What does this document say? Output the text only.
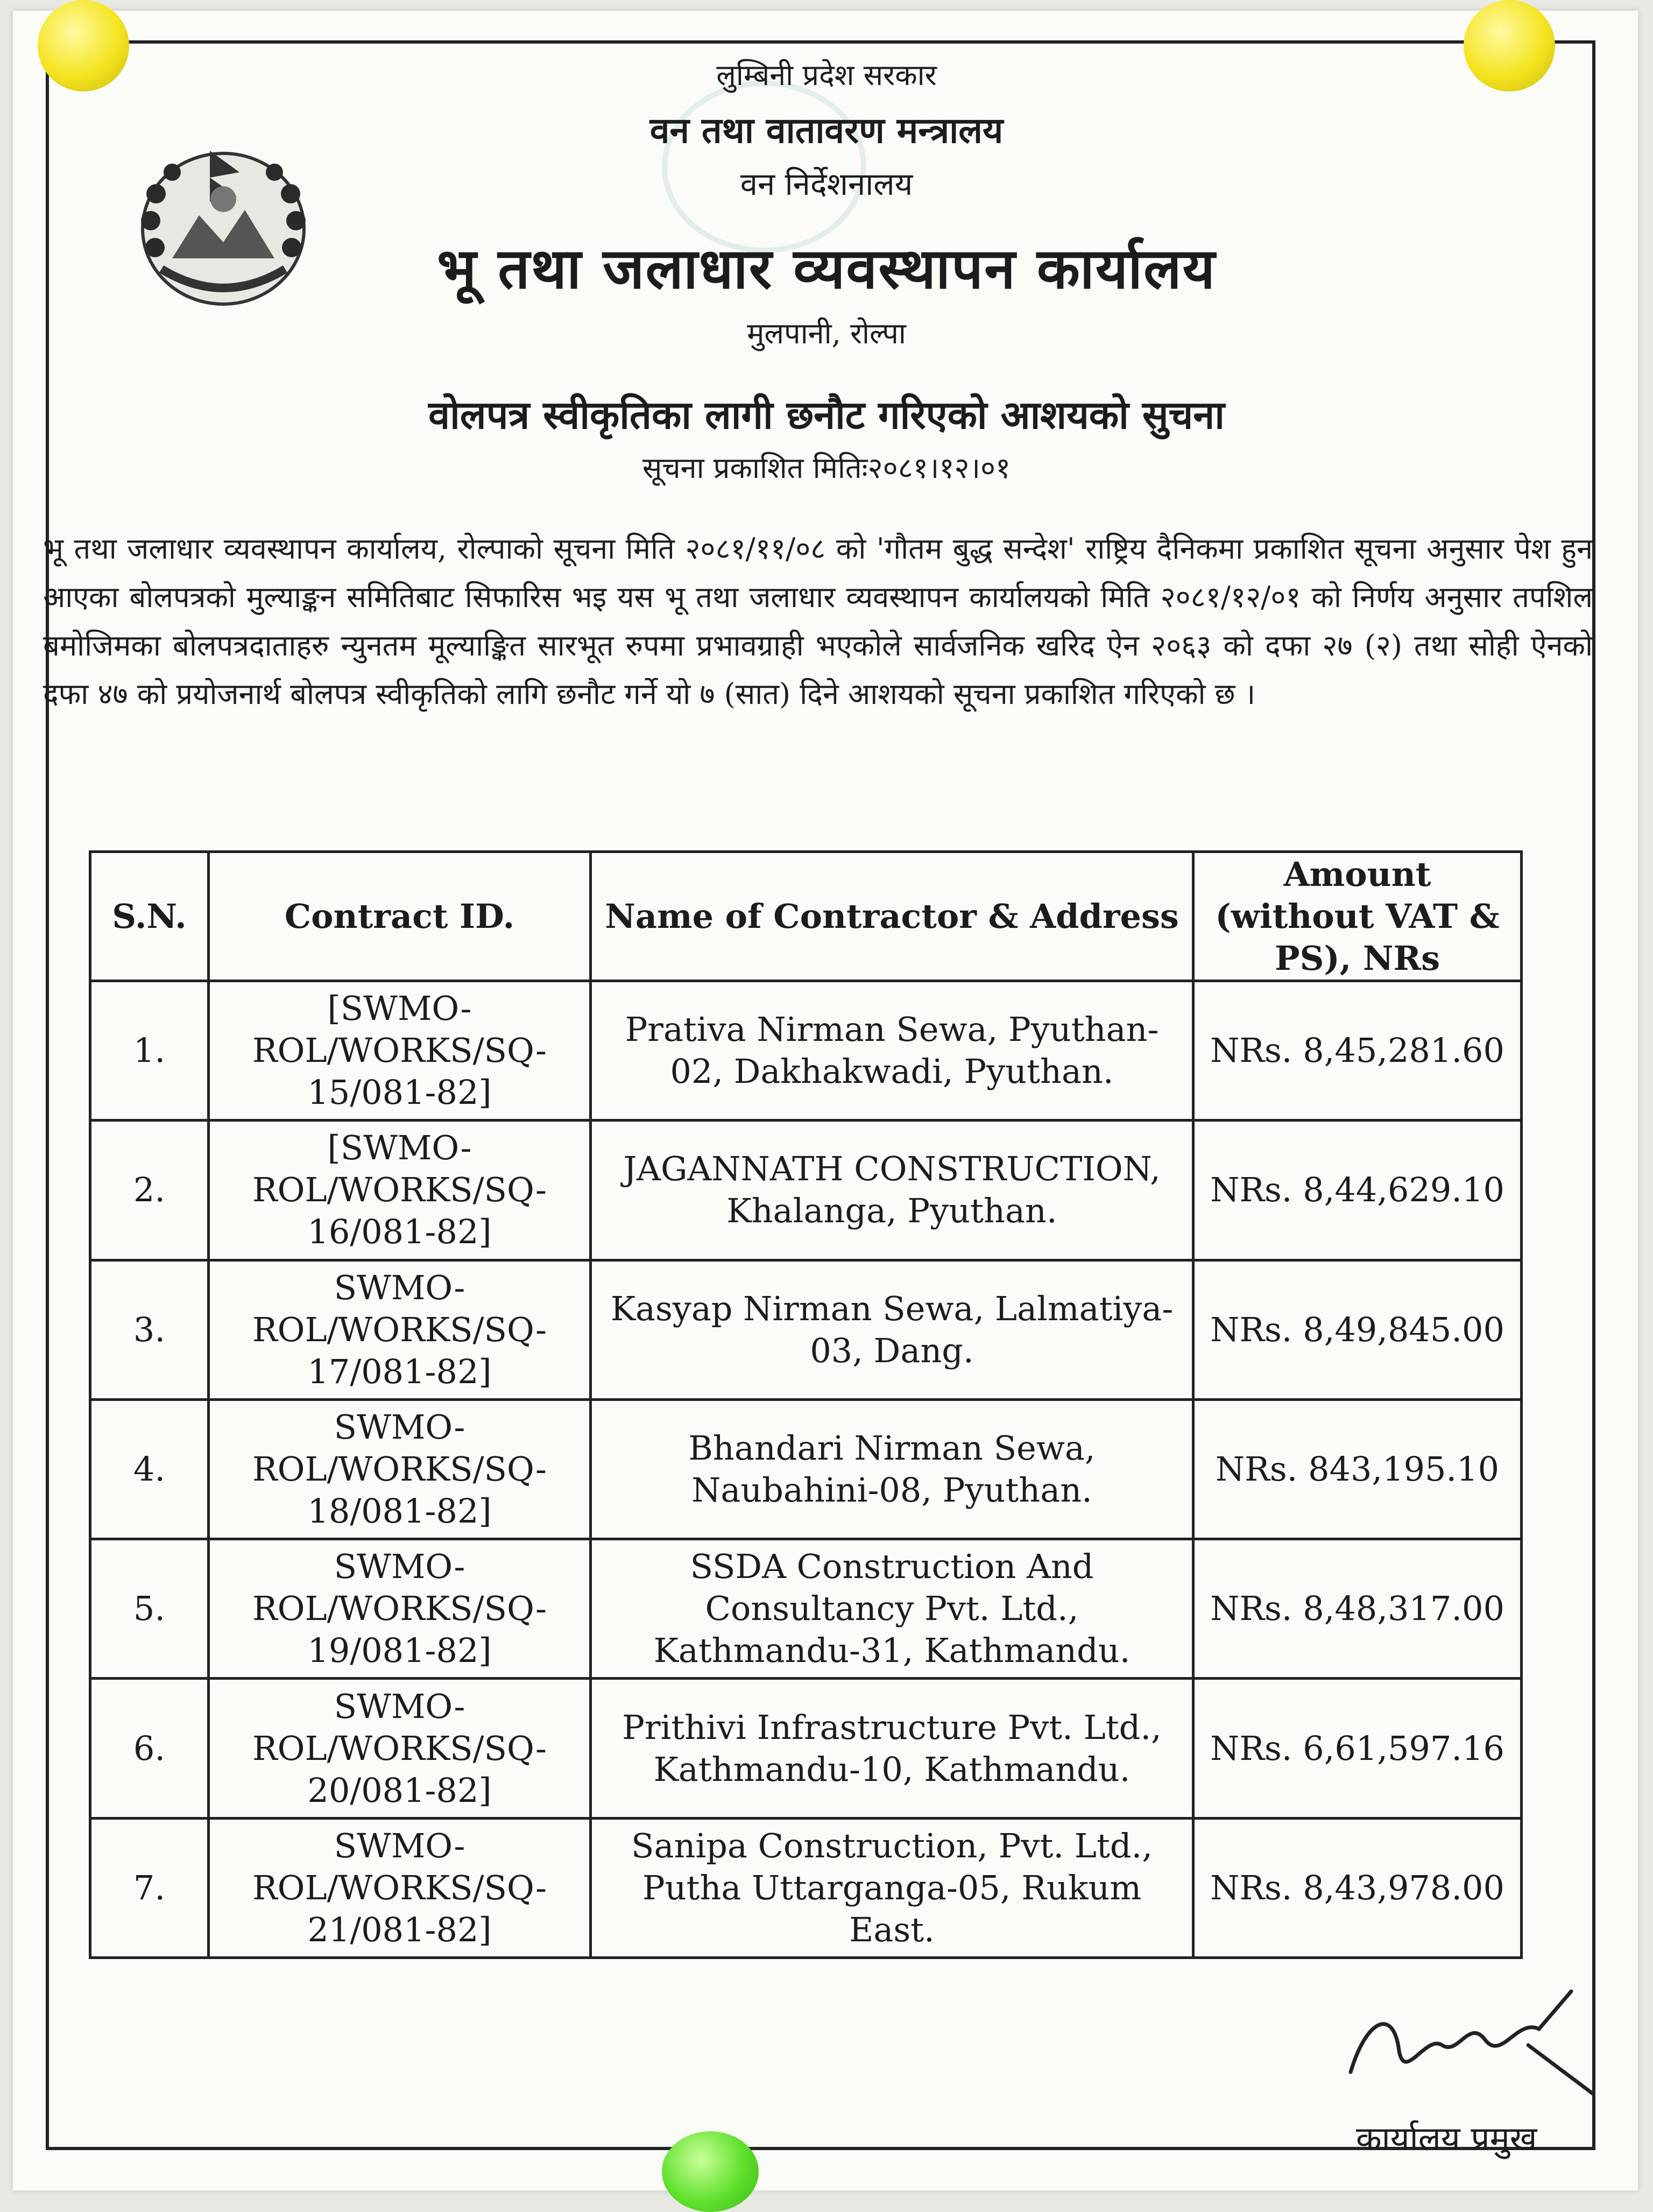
लुम्बिनी प्रदेश सरकार
वन तथा वातावरण मन्त्रालय
वन निर्देशनालय
भू तथा जलाधार व्यवस्थापन कार्यालय
मुलपानी, रोल्पा
वोलपत्र स्वीकृतिका लागी छनौट गरिएको आशयको सुचना
सूचना प्रकाशित मितिः२०८१।१२।०१
भू तथा जलाधार व्यवस्थापन कार्यालय, रोल्पाको सूचना मिति २०८१/११/०८ को 'गौतम बुद्ध सन्देश' राष्ट्रिय दैनिकमा प्रकाशित सूचना अनुसार पेश हुन आएका बोलपत्रको मुल्याङ्कन समितिबाट सिफारिस भइ यस भू तथा जलाधार व्यवस्थापन कार्यालयको मिति २०८१/१२/०१ को निर्णय अनुसार तपशिल बमोजिमका बोलपत्रदाताहरु न्युनतम मूल्याङ्कित सारभूत रुपमा प्रभावग्राही भएकोले सार्वजनिक खरिद ऐन २०६३ को दफा २७ (२) तथा सोही ऐनको दफा ४७ को प्रयोजनार्थ बोलपत्र स्वीकृतिको लागि छनौट गर्ने यो ७ (सात) दिने आशयको सूचना प्रकाशित गरिएको छ ।
S.N.	Contract ID.	Name of Contractor & Address	Amount (without VAT & PS), NRs
1.	[SWMO-ROL/WORKS/SQ-15/081-82]	Prativa Nirman Sewa, Pyuthan-02, Dakhakwadi, Pyuthan.	NRs. 8,45,281.60
2.	[SWMO-ROL/WORKS/SQ-16/081-82]	JAGANNATH CONSTRUCTION, Khalanga, Pyuthan.	NRs. 8,44,629.10
3.	SWMO-ROL/WORKS/SQ-17/081-82]	Kasyap Nirman Sewa, Lalmatiya-03, Dang.	NRs. 8,49,845.00
4.	SWMO-ROL/WORKS/SQ-18/081-82]	Bhandari Nirman Sewa, Naubahini-08, Pyuthan.	NRs. 843,195.10
5.	SWMO-ROL/WORKS/SQ-19/081-82]	SSDA Construction And Consultancy Pvt. Ltd., Kathmandu-31, Kathmandu.	NRs. 8,48,317.00
6.	SWMO-ROL/WORKS/SQ-20/081-82]	Prithivi Infrastructure Pvt. Ltd., Kathmandu-10, Kathmandu.	NRs. 6,61,597.16
7.	SWMO-ROL/WORKS/SQ-21/081-82]	Sanipa Construction, Pvt. Ltd., Putha Uttarganga-05, Rukum East.	NRs. 8,43,978.00
कार्यालय प्रमुख
